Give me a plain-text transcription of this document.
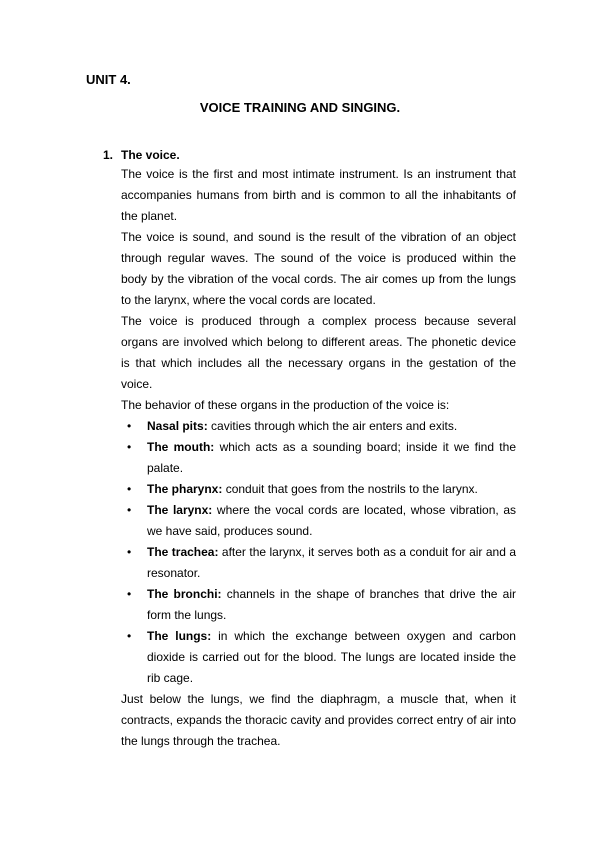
UNIT 4.
VOICE TRAINING AND SINGING.
1. The voice.

The voice is the first and most intimate instrument. Is an instrument that accompanies humans from birth and is common to all the inhabitants of the planet.

The voice is sound, and sound is the result of the vibration of an object through regular waves. The sound of the voice is produced within the body by the vibration of the vocal cords. The air comes up from the lungs to the larynx, where the vocal cords are located.

The voice is produced through a complex process because several organs are involved which belong to different areas. The phonetic device is that which includes all the necessary organs in the gestation of the voice.

The behavior of these organs in the production of the voice is:

• Nasal pits: cavities through which the air enters and exits.
• The mouth: which acts as a sounding board; inside it we find the palate.
• The pharynx: conduit that goes from the nostrils to the larynx.
• The larynx: where the vocal cords are located, whose vibration, as we have said, produces sound.
• The trachea: after the larynx, it serves both as a conduit for air and a resonator.
• The bronchi: channels in the shape of branches that drive the air form the lungs.
• The lungs: in which the exchange between oxygen and carbon dioxide is carried out for the blood. The lungs are located inside the rib cage.

Just below the lungs, we find the diaphragm, a muscle that, when it contracts, expands the thoracic cavity and provides correct entry of air into the lungs through the trachea.
